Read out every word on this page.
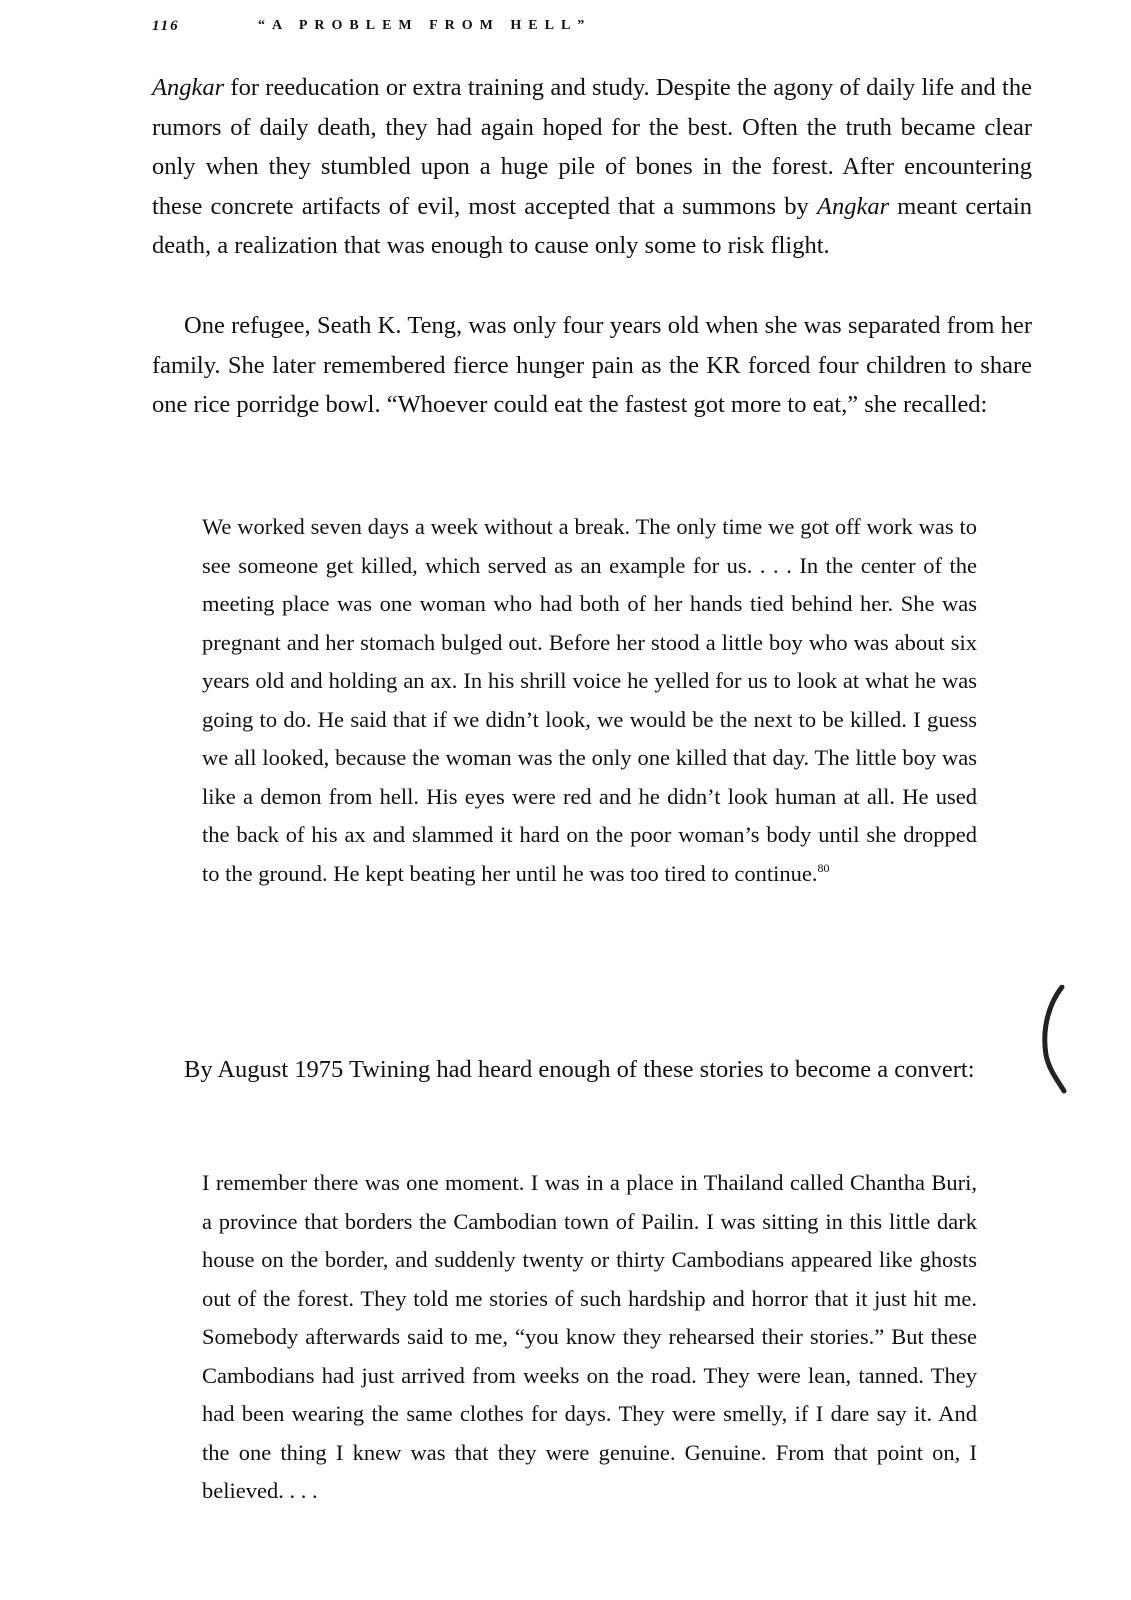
116	“A PROBLEM FROM HELL”

Angkar for reeducation or extra training and study. Despite the agony of daily life and the rumors of daily death, they had again hoped for the best. Often the truth became clear only when they stumbled upon a huge pile of bones in the forest. After encountering these concrete artifacts of evil, most accepted that a summons by Angkar meant certain death, a realization that was enough to cause only some to risk flight.

One refugee, Seath K. Teng, was only four years old when she was separated from her family. She later remembered fierce hunger pain as the KR forced four children to share one rice porridge bowl. “Whoever could eat the fastest got more to eat,” she recalled:

We worked seven days a week without a break. The only time we got off work was to see someone get killed, which served as an example for us. . . . In the center of the meeting place was one woman who had both of her hands tied behind her. She was pregnant and her stomach bulged out. Before her stood a little boy who was about six years old and holding an ax. In his shrill voice he yelled for us to look at what he was going to do. He said that if we didn’t look, we would be the next to be killed. I guess we all looked, because the woman was the only one killed that day. The little boy was like a demon from hell. His eyes were red and he didn’t look human at all. He used the back of his ax and slammed it hard on the poor woman’s body until she dropped to the ground. He kept beating her until he was too tired to continue.$^{80}$

By August 1975 Twining had heard enough of these stories to become a convert:

I remember there was one moment. I was in a place in Thailand called Chantha Buri, a province that borders the Cambodian town of Pailin. I was sitting in this little dark house on the border, and suddenly twenty or thirty Cambodians appeared like ghosts out of the forest. They told me stories of such hardship and horror that it just hit me. Somebody afterwards said to me, “you know they rehearsed their stories.” But these Cambodians had just arrived from weeks on the road. They were lean, tanned. They had been wearing the same clothes for days. They were smelly, if I dare say it. And the one thing I knew was that they were genuine. Genuine. From that point on, I believed. . . .
